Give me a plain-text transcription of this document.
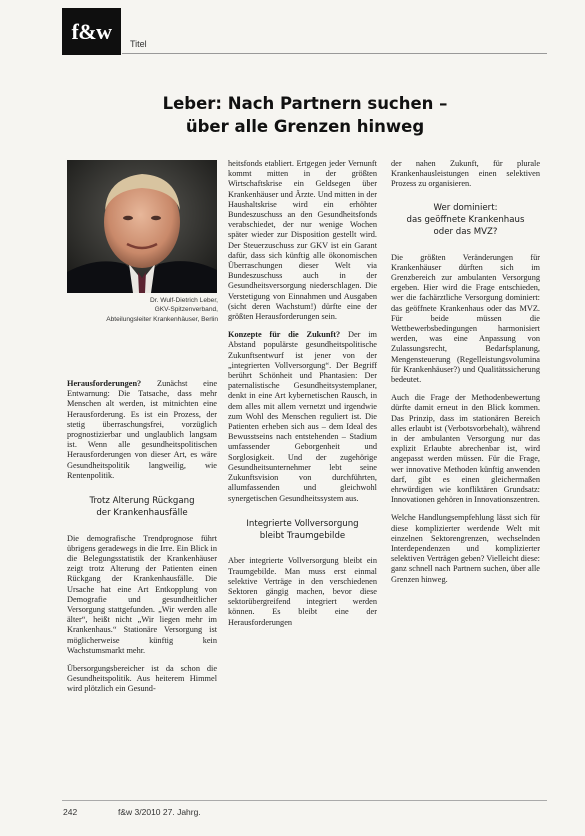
f&w	Titel
Leber: Nach Partnern suchen –
über alle Grenzen hinweg
Dr. Wulf-Dietrich Leber,
GKV-Spitzenverband,
Abteilungsleiter Krankenhäuser, Berlin

Herausforderungen? Zunächst eine Entwarnung: Die Tatsache, dass mehr Menschen alt werden, ist mitnichten eine Herausforderung. Es ist ein Prozess, der stetig überraschungsfrei, vorzüglich prognostizierbar und unglaublich langsam ist. Wenn alle gesundheitspolitischen Herausforderungen von dieser Art, es wäre Gesundheitspolitik langweilig, wie Rentenpolitik.

Trotz Alterung Rückgang
der Krankenhausfälle

Die demografische Trendprognose führt übrigens geradewegs in die Irre. Ein Blick in die Belegungsstatistik der Krankenhäuser zeigt trotz Alterung der Patienten einen Rückgang der Krankenhausfälle. Die Ursache hat eine Art Entkopplung von Demografie und gesundheitlicher Versorgung stattgefunden. „Wir werden alle älter“, heißt nicht „Wir liegen mehr im Krankenhaus.“ Stationäre Versorgung ist möglicherweise künftig kein Wachstumsmarkt mehr.

Übersorgungsbereicher ist da schon die Gesundheitspolitik. Aus heiterem Himmel wird plötzlich ein Gesund-

heitsfonds etabliert. Ertgegen jeder Vernunft kommt mitten in der größten Wirtschaftskrise ein Geldsegen über Krankenhäuser und Ärzte. Und mitten in der Haushaltskrise wird ein erhöhter Bundeszuschuss an den Gesundheitsfonds verabschiedet, der nur wenige Wochen später wieder zur Disposition gestellt wird. Der Steuerzuschuss zur GKV ist ein Garant dafür, dass sich künftig alle ökonomischen Überraschungen dieser Welt via Bundeszuschuss auch in der Gesundheitsversorgung niederschlagen. Die Verstetigung von Einnahmen und Ausgaben (sicht deren Wachstum!) dürfte eine der größten Herausforderungen sein.

Konzepte für die Zukunft? Der im Abstand populärste gesundheitspolitische Zukunftsentwurf ist jener von der „integrierten Vollversorgung“. Der Begriff berührt Schönheit und Phantasien: Der paternalistische Gesundheitsystemplaner, denkt in eine Art kybernetischen Rausch, in dem alles mit allem vernetzt und irgendwie zum Wohl des Menschen reguliert ist. Die Patienten erheben sich aus – dem Ideal des Bewusstseins nach entstehenden – Stadium umfassender Geborgenheit und Sorglosigkeit. Und der zugehörige Gesundheitsunternehmer lebt seine Zukunftsvision von durchführten, allumfassenden und gleichwohl synergetischen Gesundheitssystem aus.

Integrierte Vollversorgung
bleibt Traumgebilde

Aber integrierte Vollversorgung bleibt ein Traumgebilde. Man muss erst einmal selektive Verträge in den verschiedenen Sektoren gängig machen, bevor diese sektorübergreifend integriert werden können. Es bleibt eine der Herausforderungen

der nahen Zukunft, für plurale Krankenhausleistungen einen selektiven Prozess zu organisieren.

Wer dominiert:
das geöffnete Krankenhaus
oder das MVZ?

Die größten Veränderungen für Krankenhäuser dürften sich im Grenzbereich zur ambulanten Versorgung ergeben. Hier wird die Frage entschieden, wer die fachärztliche Versorgung dominiert: das geöffnete Krankenhaus oder das MVZ. Für beide müssen die Wettbewerbsbedingungen harmonisiert werden, was eine Anpassung von Zulassungsrecht, Bedarfsplanung, Mengensteuerung (Regelleistungsvolumina für Krankenhäuser?) und Qualitätssicherung bedeutet.

Auch die Frage der Methodenbewertung dürfte damit erneut in den Blick kommen. Das Prinzip, dass im stationären Bereich alles erlaubt ist (Verbotsvorbehalt), während in der ambulanten Versorgung nur das explizit Erlaubte abrechenbar ist, wird angepasst werden müssen. Für die Frage, wer innovative Methoden künftig anwenden darf, gibt es einen gleichermaßen ehrwürdigen wie konfliktären Grundsatz: Innovationen gehören in Innovationszentren.

Welche Handlungsempfehlung lässt sich für diese komplizierter werdende Welt mit einzelnen Sektorengrenzen, wechselnden Interdependenzen und komplizierter selektiven Verträgen geben? Vielleicht diese: ganz schnell nach Partnern suchen, über alle Grenzen hinweg.

242	f&w 3/2010 27. Jahrg.
